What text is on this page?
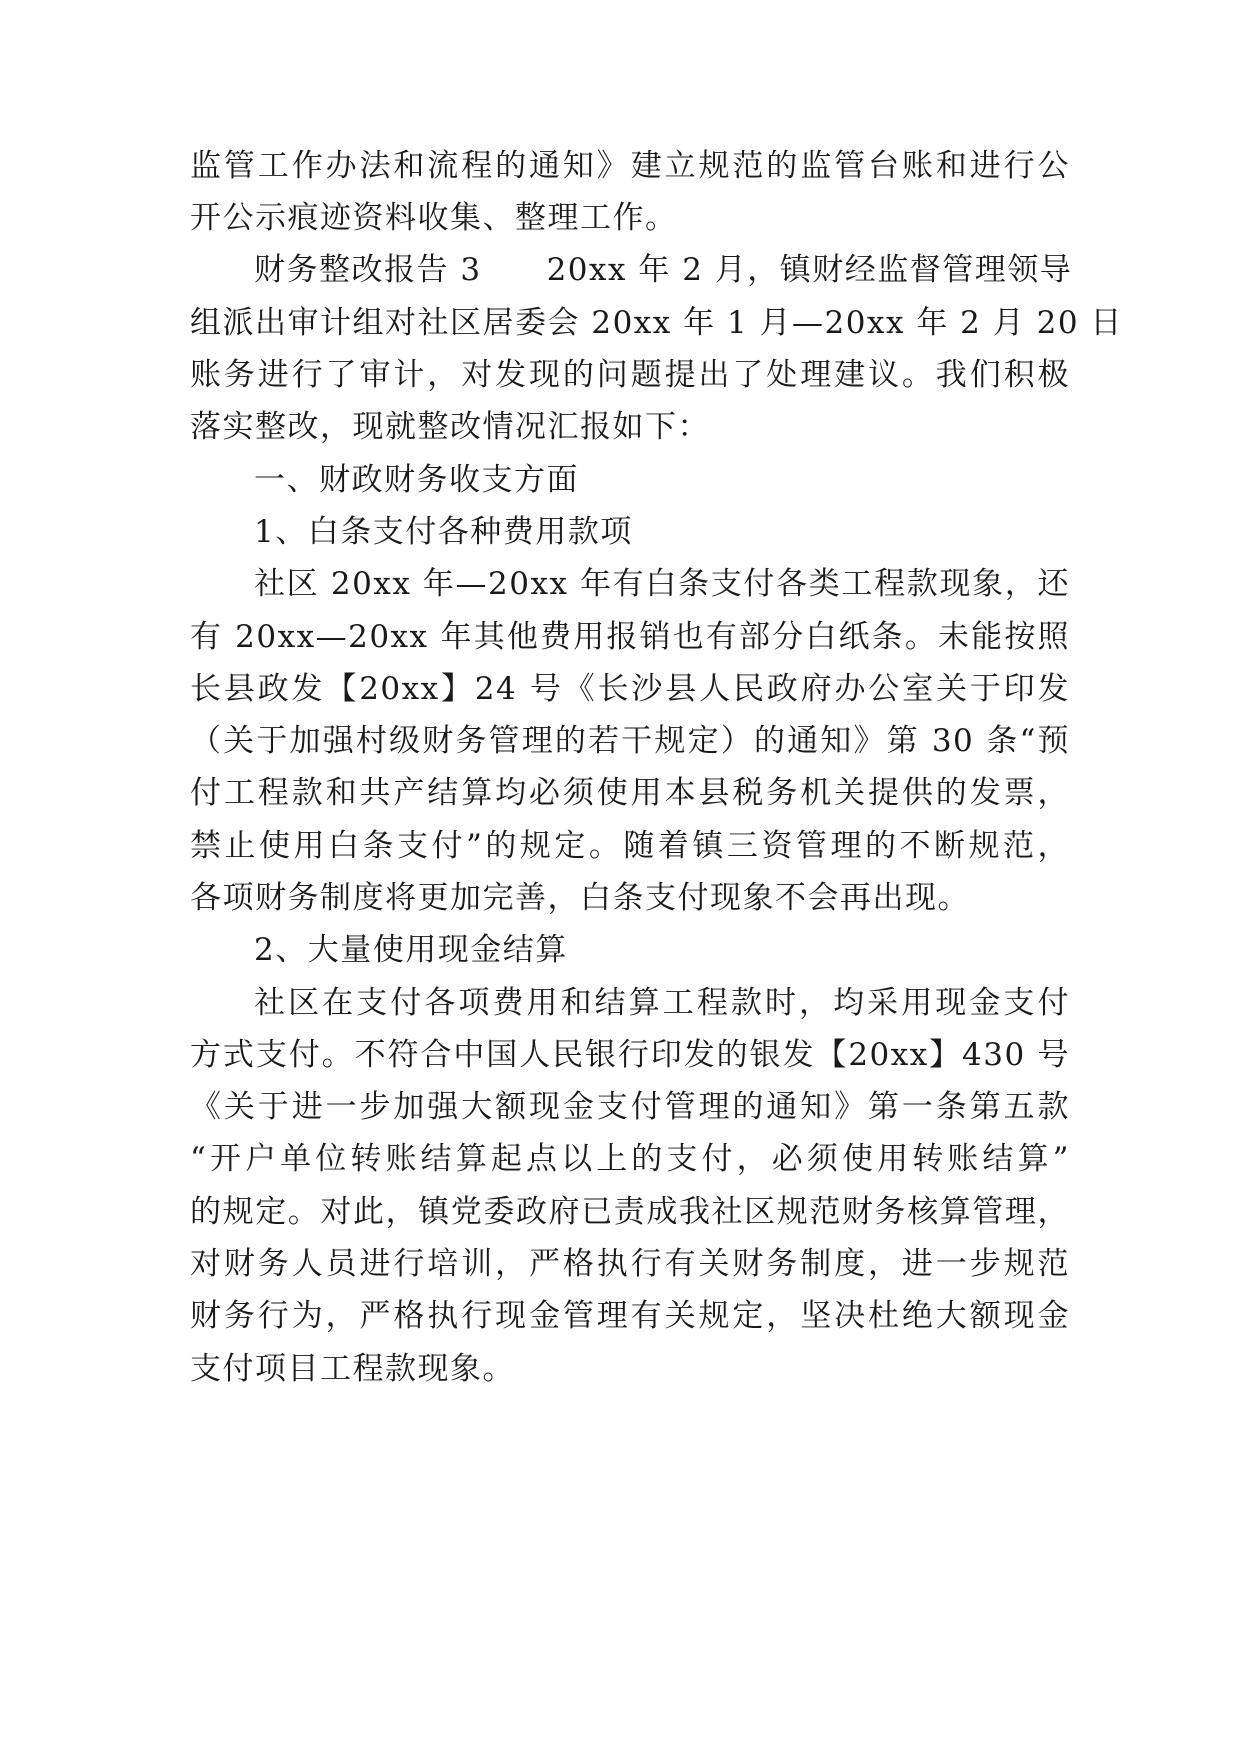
监管工作办法和流程的通知》建立规范的监管台账和进行公
开公示痕迹资料收集、整理工作。
财务整改报告 3　　20xx 年 2 月，镇财经监督管理领导
组派出审计组对社区居委会 20xx 年 1 月—20xx 年 2 月 20 日
账务进行了审计，对发现的问题提出了处理建议。我们积极
落实整改，现就整改情况汇报如下：
一、财政财务收支方面
1、白条支付各种费用款项
社区 20xx 年—20xx 年有白条支付各类工程款现象，还
有 20xx—20xx 年其他费用报销也有部分白纸条。未能按照
长县政发【20xx】24 号《长沙县人民政府办公室关于印发
（关于加强村级财务管理的若干规定）的通知》第 30 条“预
付工程款和共产结算均必须使用本县税务机关提供的发票，
禁止使用白条支付”的规定。随着镇三资管理的不断规范，
各项财务制度将更加完善，白条支付现象不会再出现。
2、大量使用现金结算
社区在支付各项费用和结算工程款时，均采用现金支付
方式支付。不符合中国人民银行印发的银发【20xx】430 号
《关于进一步加强大额现金支付管理的通知》第一条第五款
“开户单位转账结算起点以上的支付，必须使用转账结算”
的规定。对此，镇党委政府已责成我社区规范财务核算管理，
对财务人员进行培训，严格执行有关财务制度，进一步规范
财务行为，严格执行现金管理有关规定，坚决杜绝大额现金
支付项目工程款现象。
